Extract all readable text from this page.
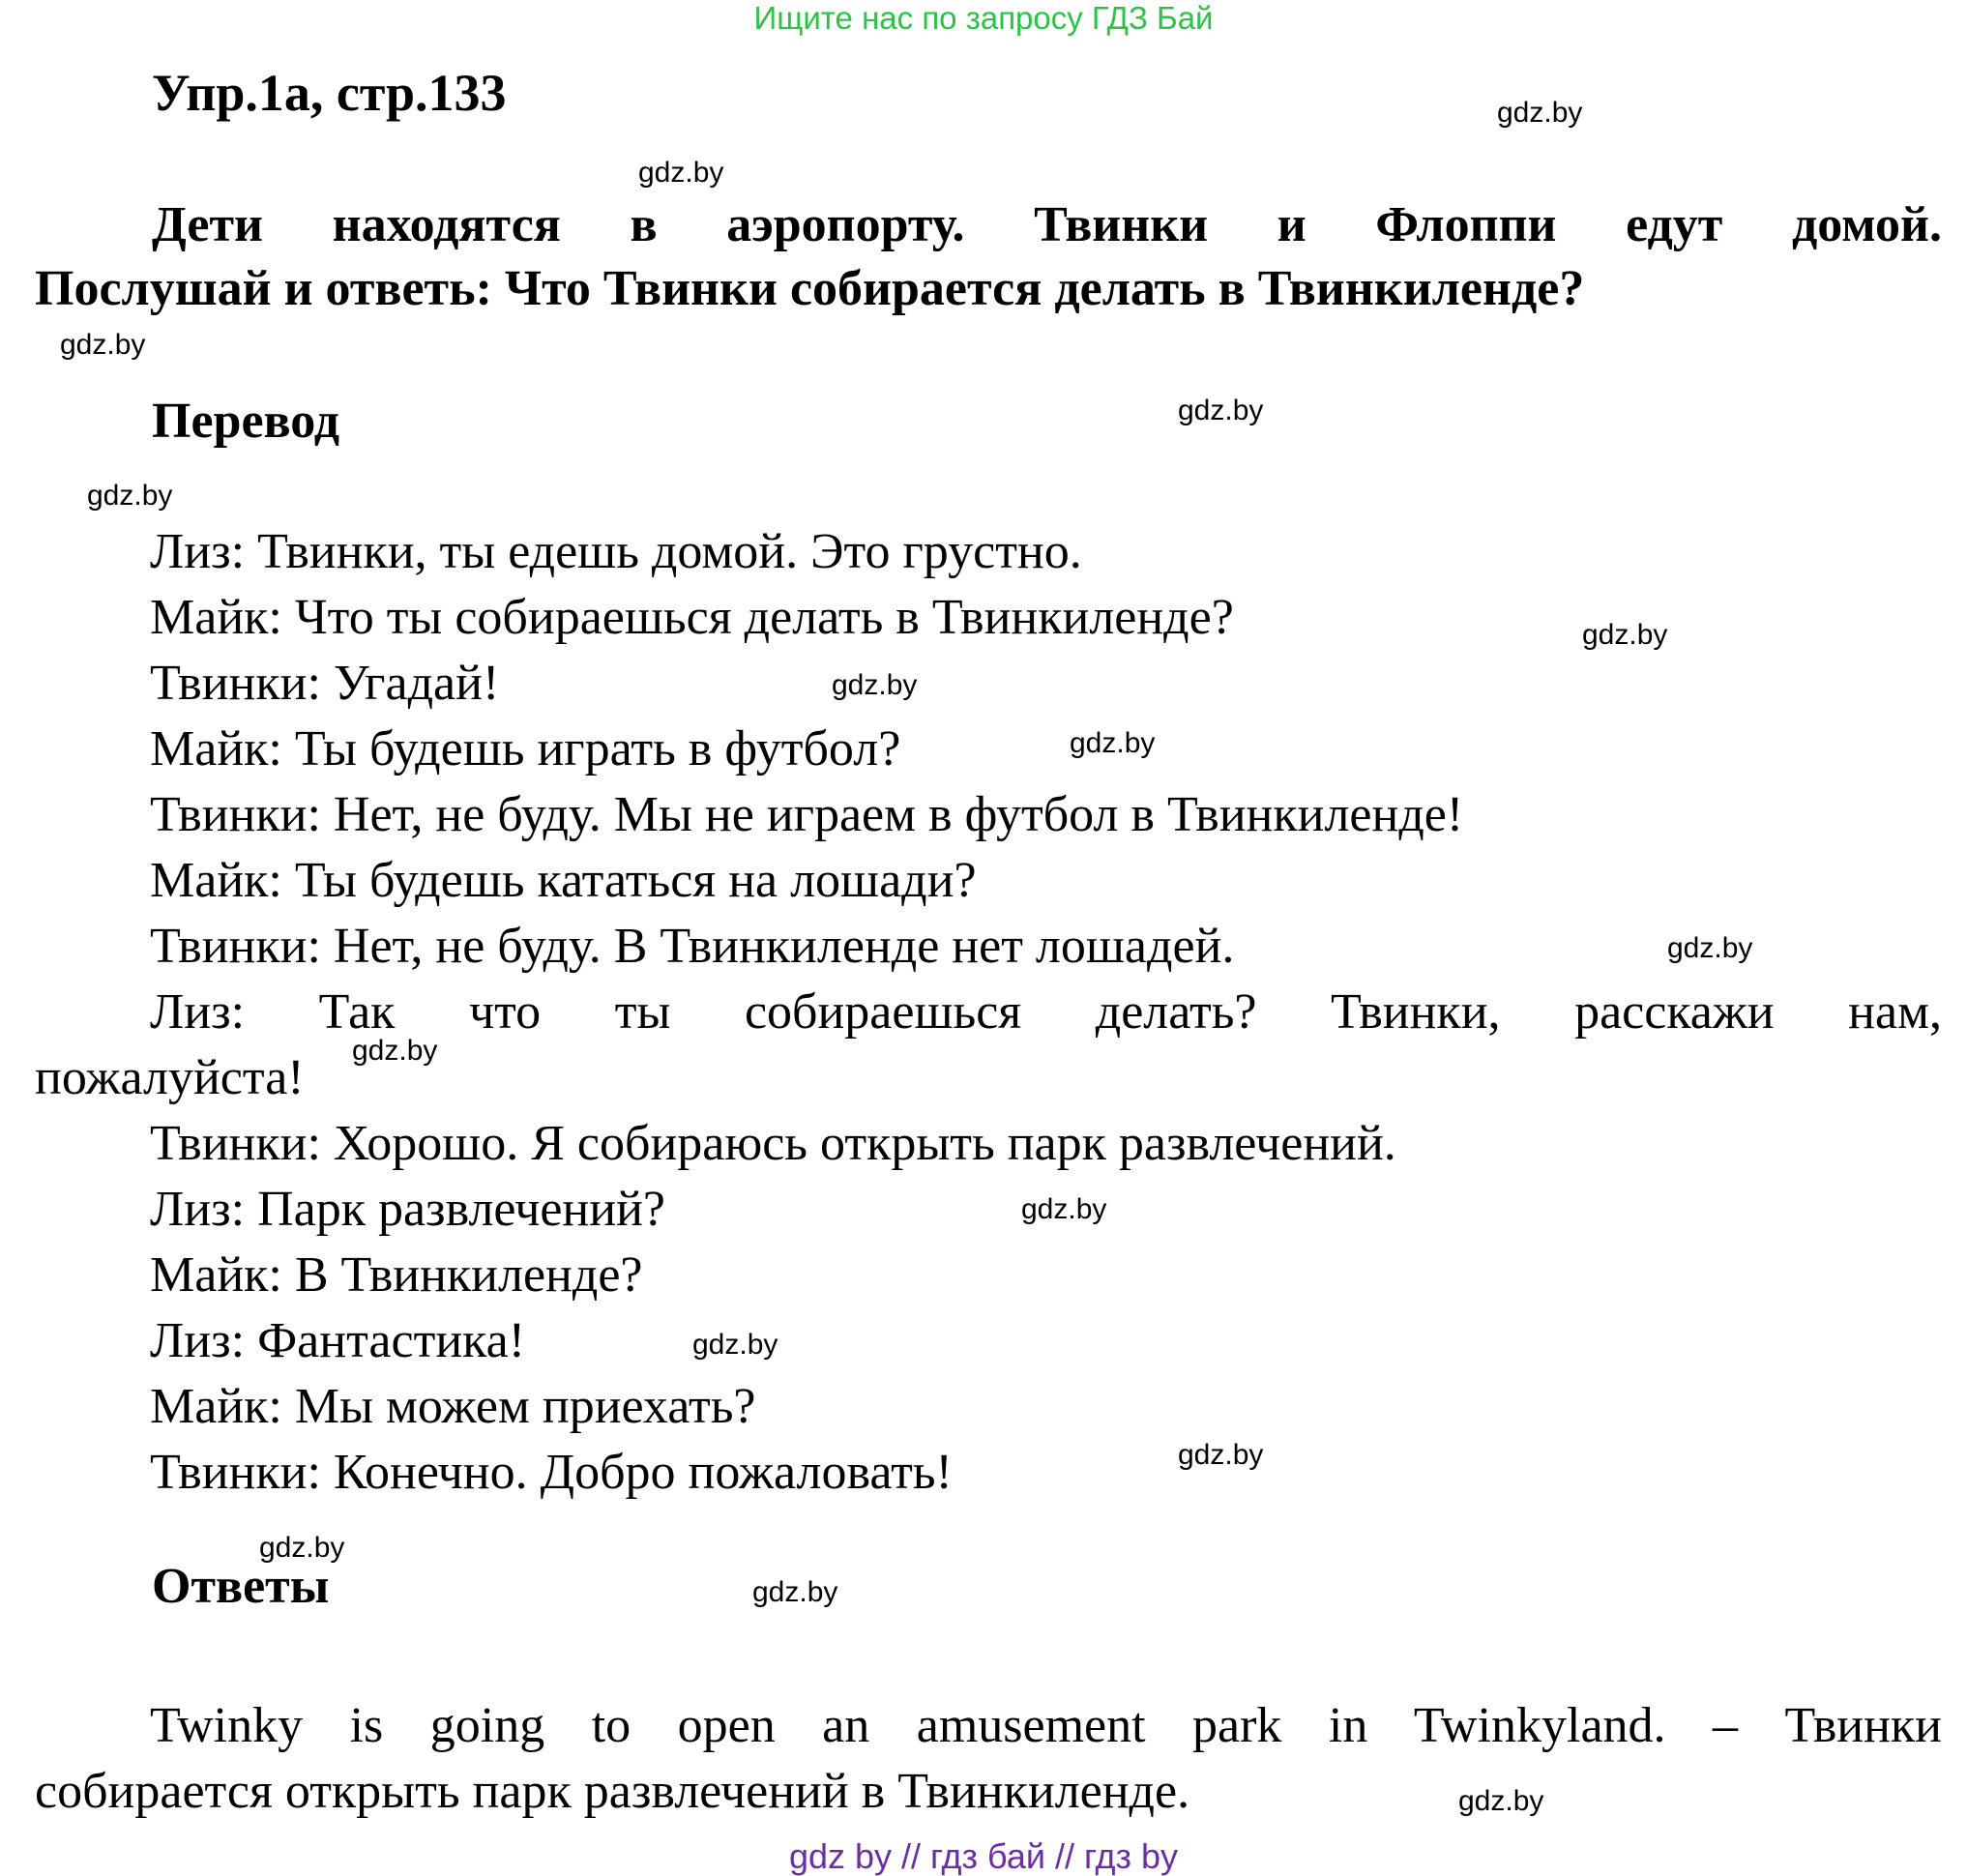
Ищите нас по запросу ГДЗ Бай
Упр.1а, стр.133
Дети находятся в аэропорту. Твинки и Флоппи едут домой.
Послушай и ответь: Что Твинки собирается делать в Твинкиленде?
Перевод
Лиз: Твинки, ты едешь домой. Это грустно.
Майк: Что ты собираешься делать в Твинкиленде?
Твинки: Угадай!
Майк: Ты будешь играть в футбол?
Твинки: Нет, не буду. Мы не играем в футбол в Твинкиленде!
Майк: Ты будешь кататься на лошади?
Твинки: Нет, не буду. В Твинкиленде нет лошадей.
Лиз: Так что ты собираешься делать? Твинки, расскажи нам,
пожалуйста!
Твинки: Хорошо. Я собираюсь открыть парк развлечений.
Лиз: Парк развлечений?
Майк: В Твинкиленде?
Лиз: Фантастика!
Майк: Мы можем приехать?
Твинки: Конечно. Добро пожаловать!
Ответы
Twinky is going to open an amusement park in Twinkyland. – Твинки
собирается открыть парк развлечений в Твинкиленде.
gdz.by
gdz.by
gdz.by
gdz.by
gdz.by
gdz.by
gdz.by
gdz.by
gdz.by
gdz.by
gdz.by
gdz.by
gdz.by
gdz.by
gdz.by
gdz.by
gdz by // гдз бай // гдз by
